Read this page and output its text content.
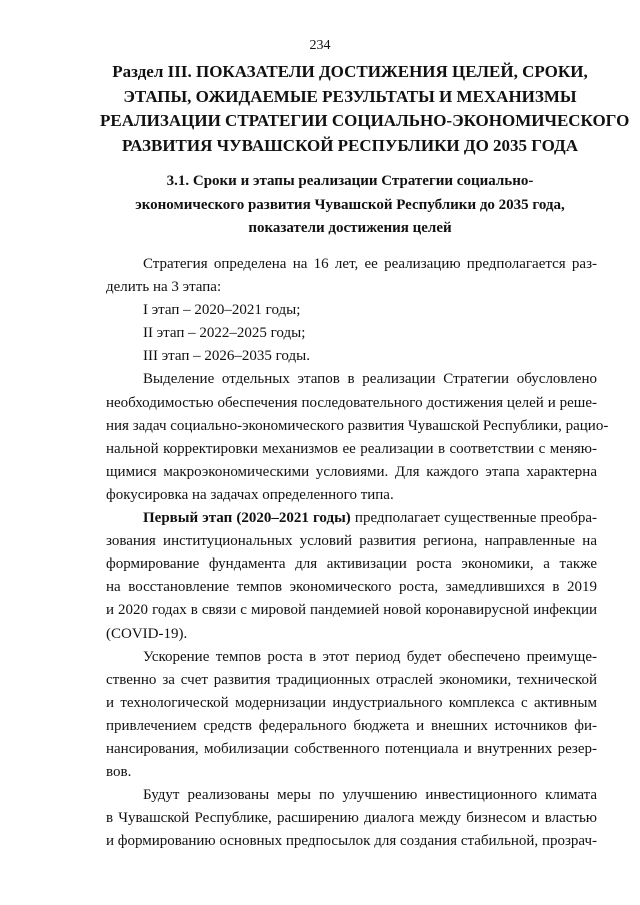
234
Раздел III. ПОКАЗАТЕЛИ ДОСТИЖЕНИЯ ЦЕЛЕЙ, СРОКИ,
ЭТАПЫ, ОЖИДАЕМЫЕ РЕЗУЛЬТАТЫ И МЕХАНИЗМЫ
РЕАЛИЗАЦИИ СТРАТЕГИИ СОЦИАЛЬНО-ЭКОНОМИЧЕСКОГО
РАЗВИТИЯ ЧУВАШСКОЙ РЕСПУБЛИКИ ДО 2035 ГОДА
3.1. Сроки и этапы реализации Стратегии социально-
экономического развития Чувашской Республики до 2035 года,
показатели достижения целей
Стратегия определена на 16 лет, ее реализацию предполагается раз-
делить на 3 этапа:
I этап – 2020–2021 годы;
II этап – 2022–2025 годы;
III этап – 2026–2035 годы.
Выделение отдельных этапов в реализации Стратегии обусловлено
необходимостью обеспечения последовательного достижения целей и реше-
ния задач социально-экономического развития Чувашской Республики, рацио-
нальной корректировки механизмов ее реализации в соответствии с меняю-
щимися макроэкономическими условиями. Для каждого этапа характерна
фокусировка на задачах определенного типа.
Первый этап (2020–2021 годы) предполагает существенные преобра-
зования институциональных условий развития региона, направленные на
формирование фундамента для активизации роста экономики, а также
на восстановление темпов экономического роста, замедлившихся в 2019
и 2020 годах в связи с мировой пандемией новой коронавирусной инфекции
(COVID-19).
Ускорение темпов роста в этот период будет обеспечено преимуще-
ственно за счет развития традиционных отраслей экономики, технической
и технологической модернизации индустриального комплекса с активным
привлечением средств федерального бюджета и внешних источников фи-
нансирования, мобилизации собственного потенциала и внутренних резер-
вов.
Будут реализованы меры по улучшению инвестиционного климата
в Чувашской Республике, расширению диалога между бизнесом и властью
и формированию основных предпосылок для создания стабильной, прозрач-
